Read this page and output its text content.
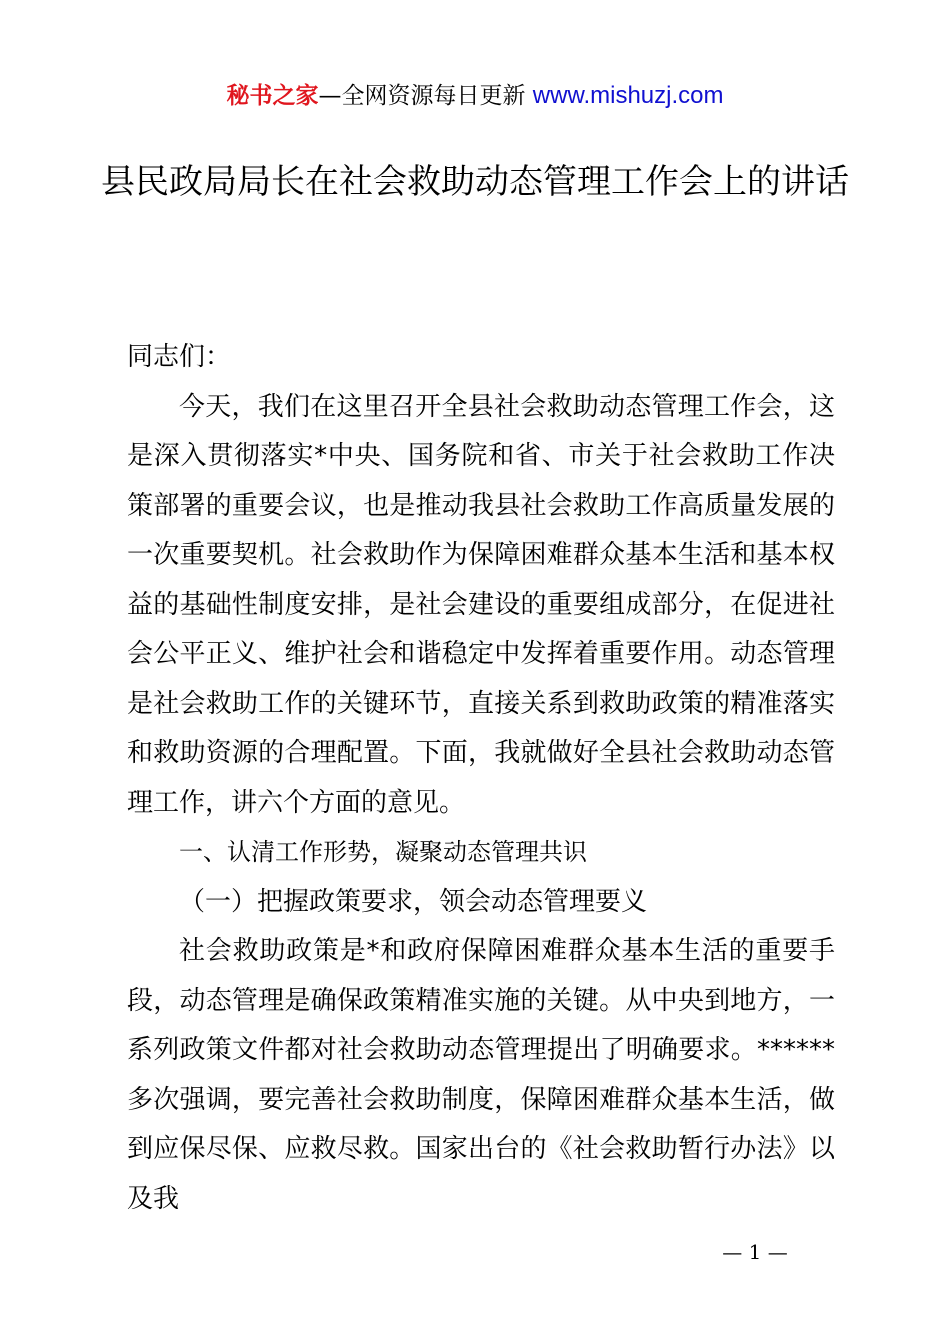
秘书之家—全网资源每日更新 www.mishuzj.com
县民政局局长在社会救助动态管理工作会上的讲话

同志们：

今天，我们在这里召开全县社会救助动态管理工作会，这是深入贯彻落实*中央、国务院和省、市关于社会救助工作决策部署的重要会议，也是推动我县社会救助工作高质量发展的一次重要契机。社会救助作为保障困难群众基本生活和基本权益的基础性制度安排，是社会建设的重要组成部分，在促进社会公平正义、维护社会和谐稳定中发挥着重要作用。动态管理是社会救助工作的关键环节，直接关系到救助政策的精准落实和救助资源的合理配置。下面，我就做好全县社会救助动态管理工作，讲六个方面的意见。

一、认清工作形势，凝聚动态管理共识

（一）把握政策要求，领会动态管理要义

社会救助政策是*和政府保障困难群众基本生活的重要手段，动态管理是确保政策精准实施的关键。从中央到地方，一系列政策文件都对社会救助动态管理提出了明确要求。******多次强调，要完善社会救助制度，保障困难群众基本生活，做到应保尽保、应救尽救。国家出台的《社会救助暂行办法》以及我

— 1 —
